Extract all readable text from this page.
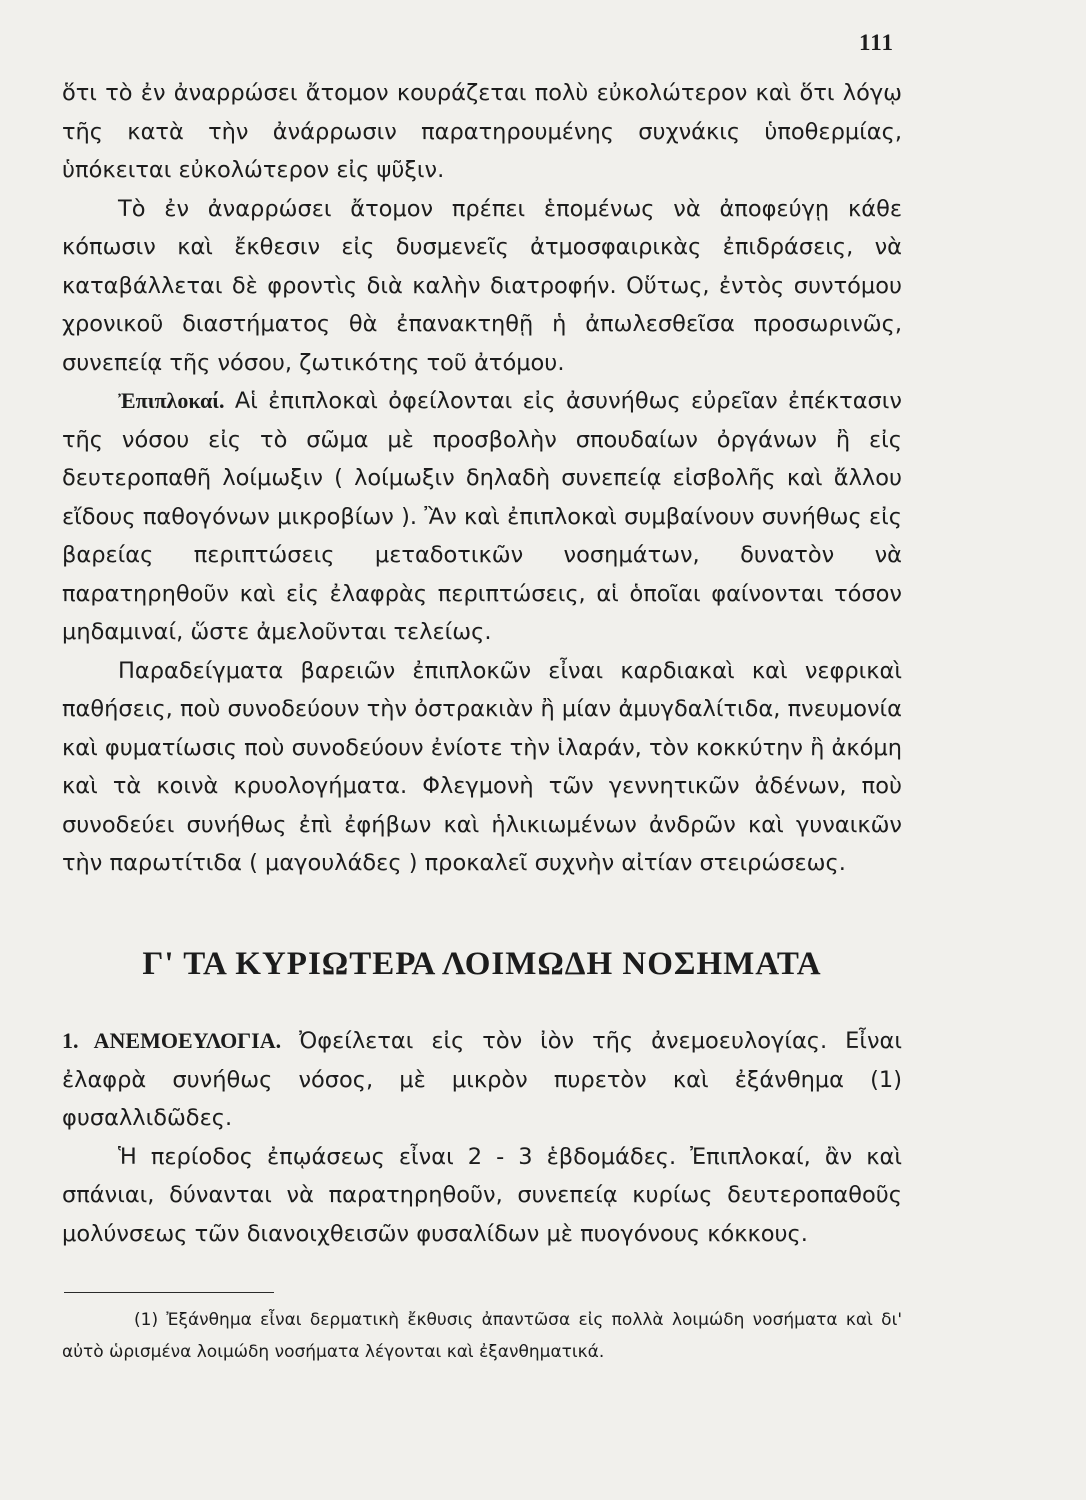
111

ὅτι τὸ ἐν ἀναρρώσει ἄτομον κουράζεται πολὺ εὐκολώτερον καὶ ὅτι λόγῳ τῆς κατὰ τὴν ἀνάρρωσιν παρατηρουμένης συχνάκις ὑποθερμίας, ὑπόκειται εὐκολώτερον εἰς ψῦξιν.

Τὸ ἐν ἀναρρώσει ἄτομον πρέπει ἑπομένως νὰ ἀποφεύγῃ κάθε κόπωσιν καὶ ἔκθεσιν εἰς δυσμενεῖς ἀτμοσφαιρικὰς ἐπιδράσεις, νὰ καταβάλλεται δὲ φροντὶς διὰ καλὴν διατροφήν. Οὕτως, ἐντὸς συντόμου χρονικοῦ διαστήματος θὰ ἐπανακτηθῇ ἡ ἀπωλεσθεῖσα προσωρινῶς, συνεπείᾳ τῆς νόσου, ζωτικότης τοῦ ἀτόμου.

Ἐπιπλοκαί. Αἱ ἐπιπλοκαὶ ὀφείλονται εἰς ἀσυνήθως εὐρεῖαν ἐπέκτασιν τῆς νόσου εἰς τὸ σῶμα μὲ προσβολὴν σπουδαίων ὀργάνων ἢ εἰς δευτεροπαθῆ λοίμωξιν ( λοίμωξιν δηλαδὴ συνεπείᾳ εἰσβολῆς καὶ ἄλλου εἴδους παθογόνων μικροβίων ). Ἂν καὶ ἐπιπλοκαὶ συμβαίνουν συνήθως εἰς βαρείας περιπτώσεις μεταδοτικῶν νοσημάτων, δυνατὸν νὰ παρατηρηθοῦν καὶ εἰς ἐλαφρὰς περιπτώσεις, αἱ ὁποῖαι φαίνονται τόσον μηδαμιναί, ὥστε ἀμελοῦνται τελείως.

Παραδείγματα βαρειῶν ἐπιπλοκῶν εἶναι καρδιακαὶ καὶ νεφρικαὶ παθήσεις, ποὺ συνοδεύουν τὴν ὀστρακιὰν ἢ μίαν ἀμυγδαλίτιδα, πνευμονία καὶ φυματίωσις ποὺ συνοδεύουν ἐνίοτε τὴν ἱλαράν, τὸν κοκκύτην ἢ ἀκόμη καὶ τὰ κοινὰ κρυολογήματα. Φλεγμονὴ τῶν γεννητικῶν ἀδένων, ποὺ συνοδεύει συνήθως ἐπὶ ἐφήβων καὶ ἡλικιωμένων ἀνδρῶν καὶ γυναικῶν τὴν παρωτίτιδα ( μαγουλάδες ) προκαλεῖ συχνὴν αἰτίαν στειρώσεως.

Γ' ΤΑ ΚΥΡΙΩΤΕΡΑ ΛΟΙΜΩΔΗ ΝΟΣΗΜΑΤΑ

1. ΑΝΕΜΟΕΥΛΟΓΙΑ. Ὀφείλεται εἰς τὸν ἰὸν τῆς ἀνεμοευλογίας. Εἶναι ἐλαφρὰ συνήθως νόσος, μὲ μικρὸν πυρετὸν καὶ ἐξάνθημα (1) φυσαλλιδῶδες.

Ἡ περίοδος ἐπῳάσεως εἶναι 2 - 3 ἑβδομάδες. Ἐπιπλοκαί, ἂν καὶ σπάνιαι, δύνανται νὰ παρατηρηθοῦν, συνεπείᾳ κυρίως δευτεροπαθοῦς μολύνσεως τῶν διανοιχθεισῶν φυσαλίδων μὲ πυογόνους κόκκους.

(1) Ἐξάνθημα εἶναι δερματικὴ ἔκθυσις ἀπαντῶσα εἰς πολλὰ λοιμώδη νοσήματα καὶ δι' αὐτὸ ὡρισμένα λοιμώδη νοσήματα λέγονται καὶ ἐξανθηματικά.
